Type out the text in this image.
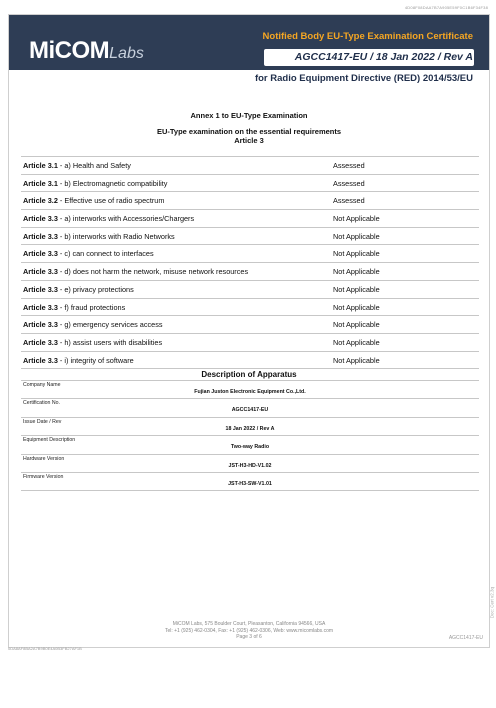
4D08F08DAA7B7A905E59F0C1B6F34F38
MiCOMLabs
Notified Body EU-Type Examination Certificate
AGCC1417-EU / 18 Jan 2022 / Rev A
for Radio Equipment Directive (RED) 2014/53/EU
Annex 1 to EU-Type Examination
EU-Type examination on the essential requirements
Article 3
Article 3.1 - a) Health and Safety	Assessed
Article 3.1 - b) Electromagnetic compatibility	Assessed
Article 3.2 - Effective use of radio spectrum	Assessed
Article 3.3 - a) interworks with Accessories/Chargers	Not Applicable
Article 3.3 - b) interworks with Radio Networks	Not Applicable
Article 3.3 - c) can connect to interfaces	Not Applicable
Article 3.3 - d) does not harm the network, misuse network resources	Not Applicable
Article 3.3 - e) privacy protections	Not Applicable
Article 3.3 - f) fraud protections	Not Applicable
Article 3.3 - g) emergency services access	Not Applicable
Article 3.3 - h) assist users with disabilities	Not Applicable
Article 3.3 - i) integrity of software	Not Applicable
Description of Apparatus
Company Name
Fujian Juston Electronic Equipment Co.,Ltd.
Certification No.
AGCC1417-EU
Issue Date / Rev
18 Jan 2022 / Rev A
Equipment Description
Two-way Radio
Hardware Version
JST-H3-HD-V1.02
Firmware Version
JST-H3-SW-V1.01
MiCOM Labs, 575 Boulder Court, Pleasanton, California 94566, USA
Tel: +1 (925) 462-0304, Fax: +1 (925) 462-0306, Web: www.micomlabs.com
Page 3 of 6	AGCC1417-EU
Doc: Cert v2.3q
0DA8AF8BA2A7B9B0E4A0B3FB27AF1B
